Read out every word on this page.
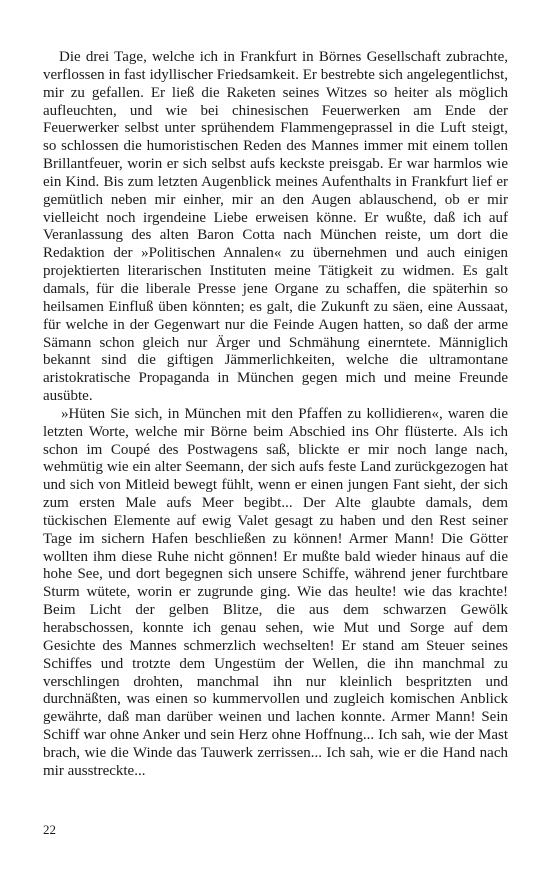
Die drei Tage, welche ich in Frankfurt in Börnes Gesellschaft zubrachte, verflossen in fast idyllischer Friedsamkeit. Er bestrebte sich angelegentlichst, mir zu gefallen. Er ließ die Raketen seines Witzes so heiter als möglich aufleuchten, und wie bei chinesischen Feuerwerken am Ende der Feuerwerker selbst unter sprühendem Flammengeprassel in die Luft steigt, so schlossen die humoristischen Reden des Mannes immer mit einem tollen Brillantfeuer, worin er sich selbst aufs keckste preisgab. Er war harmlos wie ein Kind. Bis zum letzten Augenblick meines Aufenthalts in Frankfurt lief er gemütlich neben mir einher, mir an den Augen ablauschend, ob er mir vielleicht noch irgendeine Liebe erweisen könne. Er wußte, daß ich auf Veranlassung des alten Baron Cotta nach München reiste, um dort die Redaktion der »Politischen Annalen« zu übernehmen und auch einigen projektierten literarischen Instituten meine Tätigkeit zu widmen. Es galt damals, für die liberale Presse jene Organe zu schaffen, die späterhin so heilsamen Einfluß üben könnten; es galt, die Zukunft zu säen, eine Aussaat, für welche in der Gegenwart nur die Feinde Augen hatten, so daß der arme Sämann schon gleich nur Ärger und Schmähung einerntete. Männiglich bekannt sind die giftigen Jämmerlichkeiten, welche die ultramontane aristokratische Propaganda in München gegen mich und meine Freunde ausübte.

»Hüten Sie sich, in München mit den Pfaffen zu kollidieren«, waren die letzten Worte, welche mir Börne beim Abschied ins Ohr flüsterte. Als ich schon im Coupé des Postwagens saß, blickte er mir noch lange nach, wehmütig wie ein alter Seemann, der sich aufs feste Land zurückgezogen hat und sich von Mitleid bewegt fühlt, wenn er einen jungen Fant sieht, der sich zum ersten Male aufs Meer begibt... Der Alte glaubte damals, dem tückischen Elemente auf ewig Valet gesagt zu haben und den Rest seiner Tage im sichern Hafen beschließen zu können! Armer Mann! Die Götter wollten ihm diese Ruhe nicht gönnen! Er mußte bald wieder hinaus auf die hohe See, und dort begegnen sich unsere Schiffe, während jener furchtbare Sturm wütete, worin er zugrunde ging. Wie das heulte! wie das krachte! Beim Licht der gelben Blitze, die aus dem schwarzen Gewölk herabschossen, konnte ich genau sehen, wie Mut und Sorge auf dem Gesichte des Mannes schmerzlich wechselten! Er stand am Steuer seines Schiffes und trotzte dem Ungestüm der Wellen, die ihn manchmal zu verschlingen drohten, manchmal ihn nur kleinlich bespritzten und durchnäßten, was einen so kummervollen und zugleich komischen Anblick gewährte, daß man darüber weinen und lachen konnte. Armer Mann! Sein Schiff war ohne Anker und sein Herz ohne Hoffnung... Ich sah, wie der Mast brach, wie die Winde das Tauwerk zerrissen... Ich sah, wie er die Hand nach mir ausstreckte...

22
